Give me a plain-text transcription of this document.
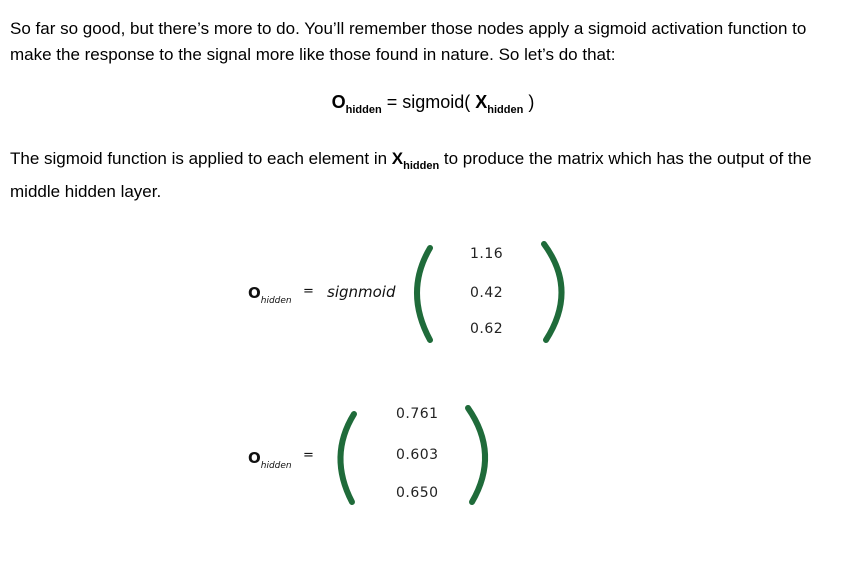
So far so good, but there’s more to do. You’ll remember those nodes apply a sigmoid activation function to make the response to the signal more like those found in nature. So let’s do that:

$O_{hidden}$ = sigmoid( $X_{hidden}$ )

The sigmoid function is applied to each element in $X_{hidden}$ to produce the matrix which has the output of the middle hidden layer.

$O_{hidden}$
= signmoid
1.16
0.42
0.62
$O_{hidden}$
=
0.761
0.603
0.650
